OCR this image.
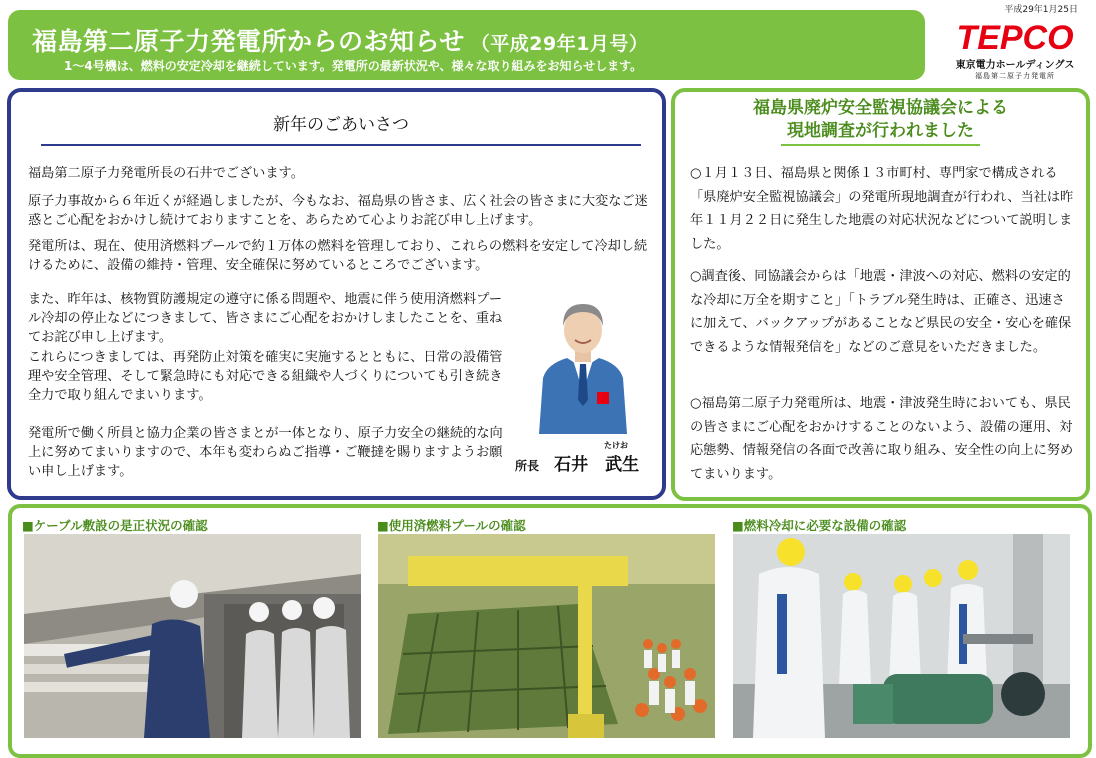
福島第二原子力発電所からのお知らせ （平成29年1月号）
1～4号機は、燃料の安定冷却を継続しています。発電所の最新状況や、様々な取り組みをお知らせします。
平成29年1月25日
TEPCO
東京電力ホールディングス
福島第二原子力発電所
新年のごあいさつ

福島第二原子力発電所長の石井でございます。

原子力事故から６年近くが経過しましたが、今もなお、福島県の皆さま、広く社会の皆さまに大変なご迷惑とご心配をおかけし続けておりますことを、あらためて心よりお詫び申し上げます。

発電所は、現在、使用済燃料プールで約１万体の燃料を管理しており、これらの燃料を安定して冷却し続けるために、設備の維持・管理、安全確保に努めているところでございます。

また、昨年は、核物質防護規定の遵守に係る問題や、地震に伴う使用済燃料プール冷却の停止などにつきまして、皆さまにご心配をおかけしましたことを、重ねてお詫び申し上げます。

これらにつきましては、再発防止対策を確実に実施するとともに、日常の設備管理や安全管理、そして緊急時にも対応できる組織や人づくりについても引き続き全力で取り組んでまいります。

発電所で働く所員と協力企業の皆さまとが一体となり、原子力安全の継続的な向上に努めてまいりますので、本年も変わらぬご指導・ご鞭撻を賜りますようお願い申し上げます。	所長 石井　武生
たけお
福島県廃炉安全監視協議会による
現地調査が行われました

○１月１３日、福島県と関係１３市町村、専門家で構成される「県廃炉安全監視協議会」の発電所現地調査が行われ、当社は昨年１１月２２日に発生した地震の対応状況などについて説明しました。

○調査後、同協議会からは「地震・津波への対応、燃料の安定的な冷却に万全を期すこと」「トラブル発生時は、正確さ、迅速さに加えて、バックアップがあることなど県民の安全・安心を確保できるような情報発信を」などのご意見をいただきました。

○福島第二原子力発電所は、地震・津波発生時においても、県民の皆さまにご心配をおかけすることのないよう、設備の運用、対応態勢、情報発信の各面で改善に取り組み、安全性の向上に努めてまいります。

■ケーブル敷設の是正状況の確認	■使用済燃料プールの確認	■燃料冷却に必要な設備の確認
